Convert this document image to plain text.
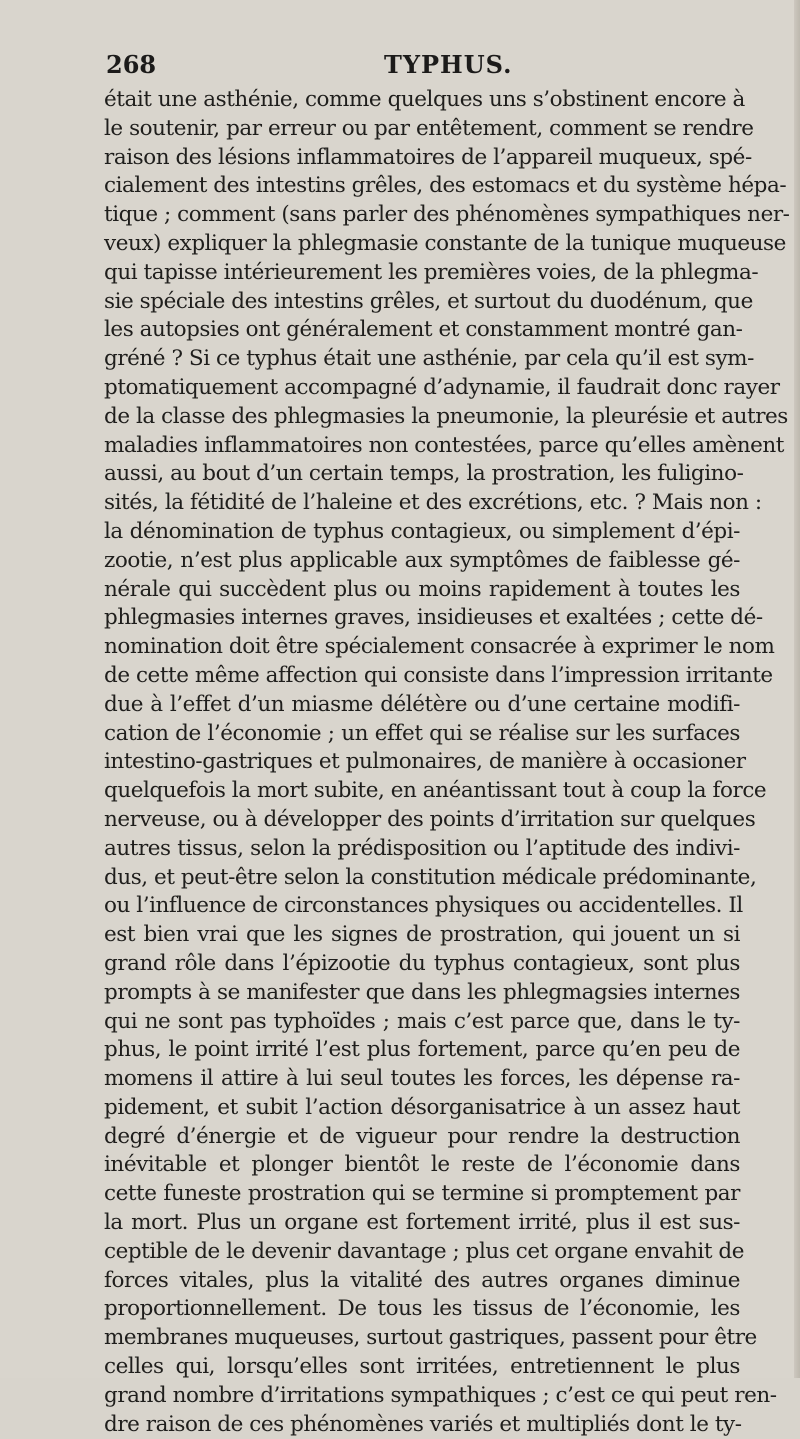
268	TYPHUS.
était une asthénie, comme quelques uns s’obstinent encore à
le soutenir, par erreur ou par entêtement, comment se rendre
raison des lésions inflammatoires de l’appareil muqueux, spé-
cialement des intestins grêles, des estomacs et du système hépa-
tique ; comment (sans parler des phénomènes sympathiques ner-
veux) expliquer la phlegmasie constante de la tunique muqueuse
qui tapisse intérieurement les premières voies, de la phlegma-
sie spéciale des intestins grêles, et surtout du duodénum, que
les autopsies ont généralement et constamment montré gan-
gréné ? Si ce typhus était une asthénie, par cela qu’il est sym-
ptomatiquement accompagné d’adynamie, il faudrait donc rayer
de la classe des phlegmasies la pneumonie, la pleurésie et autres
maladies inflammatoires non contestées, parce qu’elles amènent
aussi, au bout d’un certain temps, la prostration, les fuligino-
sités, la fétidité de l’haleine et des excrétions, etc. ? Mais non :
la dénomination de typhus contagieux, ou simplement d’épi-
zootie, n’est plus applicable aux symptômes de faiblesse gé-
nérale qui succèdent plus ou moins rapidement à toutes les
phlegmasies internes graves, insidieuses et exaltées ; cette dé-
nomination doit être spécialement consacrée à exprimer le nom
de cette même affection qui consiste dans l’impression irritante
due à l’effet d’un miasme délétère ou d’une certaine modifi-
cation de l’économie ; un effet qui se réalise sur les surfaces
intestino-gastriques et pulmonaires, de manière à occasioner
quelquefois la mort subite, en anéantissant tout à coup la force
nerveuse, ou à développer des points d’irritation sur quelques
autres tissus, selon la prédisposition ou l’aptitude des indivi-
dus, et peut-être selon la constitution médicale prédominante,
ou l’influence de circonstances physiques ou accidentelles. Il
est bien vrai que les signes de prostration, qui jouent un si
grand rôle dans l’épizootie du typhus contagieux, sont plus
prompts à se manifester que dans les phlegmagsies internes
qui ne sont pas typhoïdes ; mais c’est parce que, dans le ty-
phus, le point irrité l’est plus fortement, parce qu’en peu de
momens il attire à lui seul toutes les forces, les dépense ra-
pidement, et subit l’action désorganisatrice à un assez haut
degré d’énergie et de vigueur pour rendre la destruction
inévitable et plonger bientôt le reste de l’économie dans
cette funeste prostration qui se termine si promptement par
la mort. Plus un organe est fortement irrité, plus il est sus-
ceptible de le devenir davantage ; plus cet organe envahit de
forces vitales, plus la vitalité des autres organes diminue
proportionnellement. De tous les tissus de l’économie, les
membranes muqueuses, surtout gastriques, passent pour être
celles qui, lorsqu’elles sont irritées, entretiennent le plus
grand nombre d’irritations sympathiques ; c’est ce qui peut ren-
dre raison de ces phénomènes variés et multipliés dont le ty-
